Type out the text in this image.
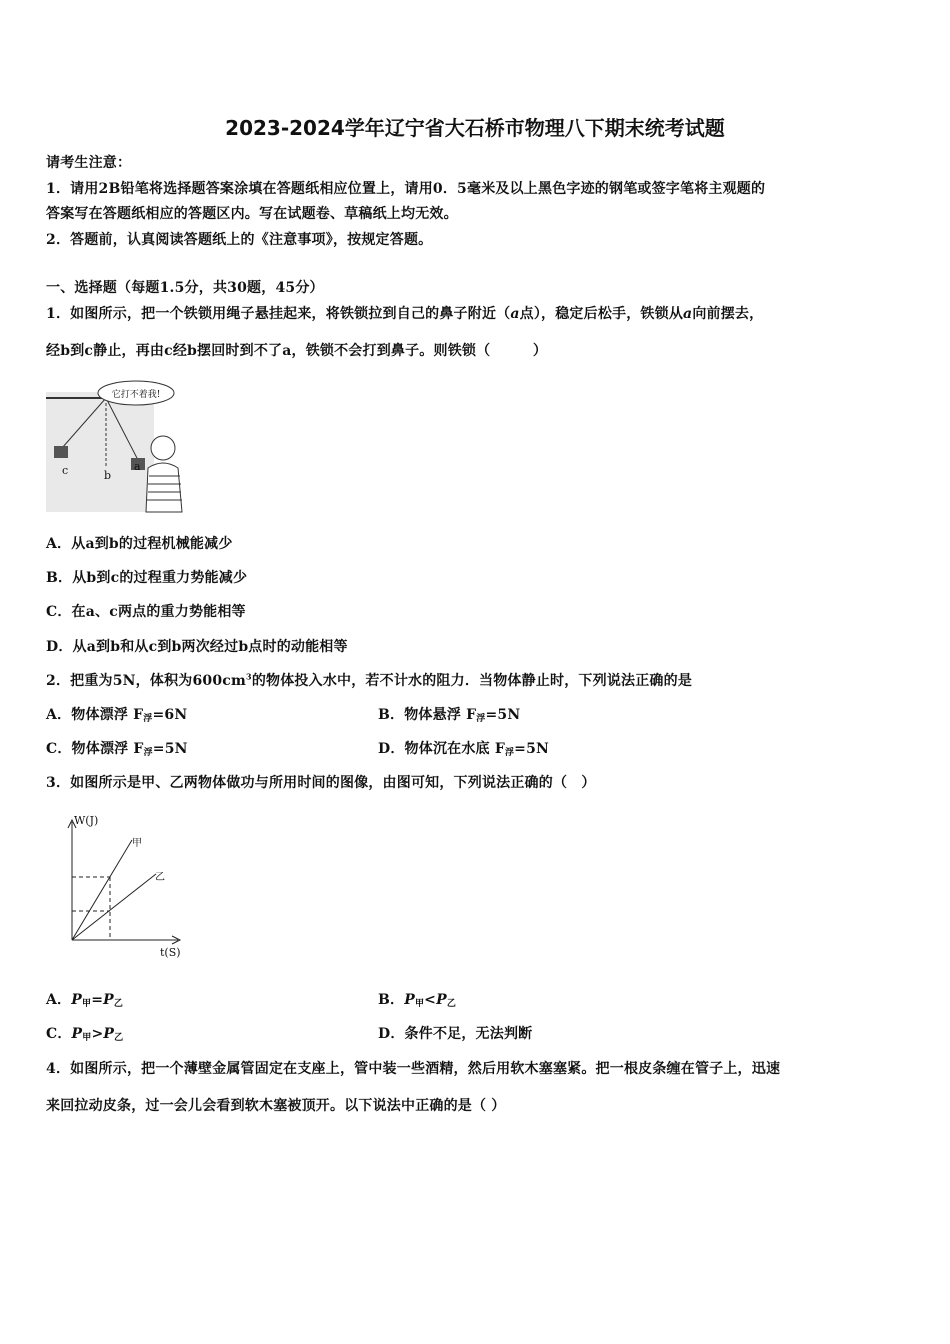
2023-2024学年辽宁省大石桥市物理八下期末统考试题
请考生注意：
1．请用2B铅笔将选择题答案涂填在答题纸相应位置上，请用0．5毫米及以上黑色字迹的钢笔或签字笔将主观题的
答案写在答题纸相应的答题区内。写在试题卷、草稿纸上均无效。
2．答题前，认真阅读答题纸上的《注意事项》，按规定答题。
一、选择题（每题1.5分，共30题，45分）
1．如图所示，把一个铁锁用绳子悬挂起来，将铁锁拉到自己的鼻子附近（a点），稳定后松手，铁锁从a向前摆去，
经b到c静止，再由c经b摆回时到不了a，铁锁不会打到鼻子。则铁锁（　　　）
它打不着我!
c	b
a
A．从a到b的过程机械能减少
B．从b到c的过程重力势能减少
C．在a、c两点的重力势能相等
D．从a到b和从c到b两次经过b点时的动能相等
2．把重为5N，体积为$600cm^3$的物体投入水中，若不计水的阻力．当物体静止时，下列说法正确的是
A．物体漂浮 $F_浮=6N$	B．物体悬浮 $F_浮=5N$
C．物体漂浮 $F_浮=5N$	D．物体沉在水底 $F_浮=5N$
3．如图所示是甲、乙两物体做功与所用时间的图像，由图可知，下列说法正确的（　）
W(J)
t(S)
甲
乙
A．$P_甲=P_乙$	B．$P_甲<P_乙$
C．$P_甲>P_乙$	D．条件不足，无法判断
4．如图所示，把一个薄壁金属管固定在支座上，管中装一些酒精，然后用软木塞塞紧。把一根皮条缠在管子上，迅速
来回拉动皮条，过一会儿会看到软木塞被顶开。以下说法中正确的是（ ）
